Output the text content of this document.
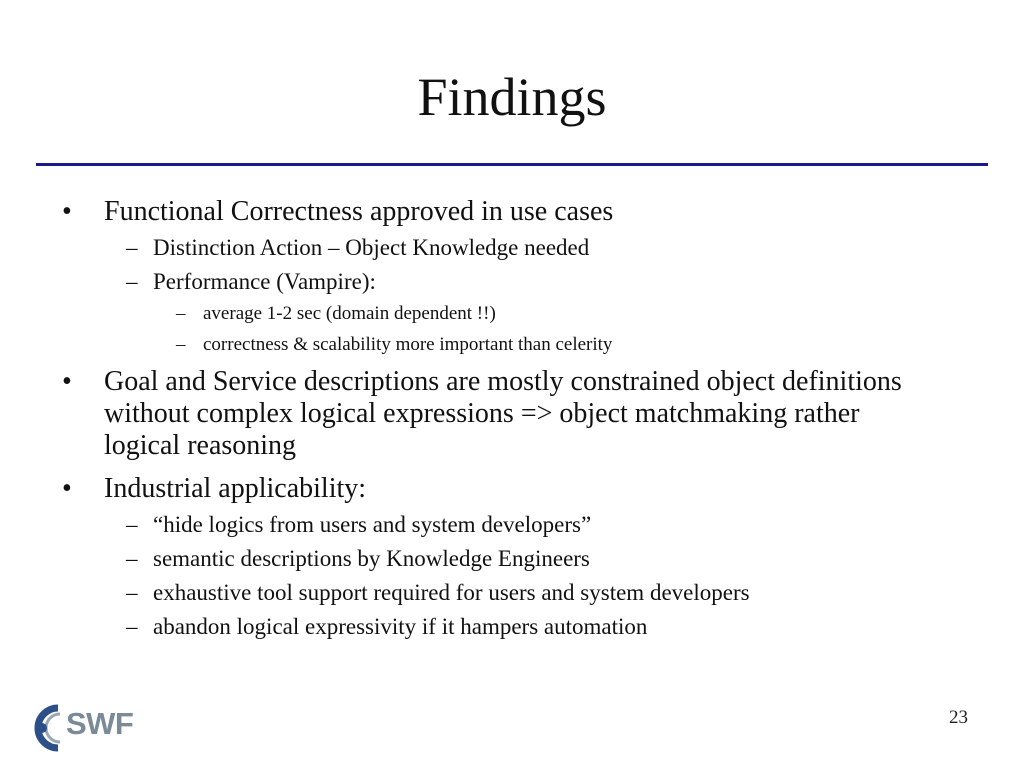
Findings
•	Functional Correctness approved in use cases
– Distinction Action – Object Knowledge needed
– Performance (Vampire):
– average 1-2 sec (domain dependent !!)
– correctness & scalability more important than celerity
•	Goal and Service descriptions are mostly constrained object definitions without complex logical expressions => object matchmaking rather logical reasoning
•	Industrial applicability:
– “hide logics from users and system developers”
– semantic descriptions by Knowledge Engineers
– exhaustive tool support required for users and system developers
– abandon logical expressivity if it hampers automation
SWF	23
